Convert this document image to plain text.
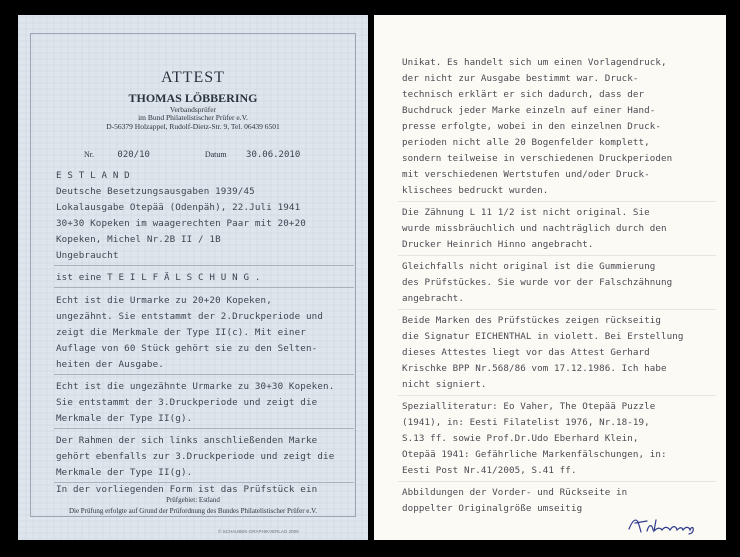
ATTEST
THOMAS LÖBBERING
Verbandsprüfer
im Bund Philatelistischer Prüfer e.V.
D-56379 Holzappel, Rudolf-Dietz-Str. 9, Tel. 06439 6501
Nr.	020/10	Datum 30.06.2010
E S T L A N D
Deutsche Besetzungsausgaben 1939/45
Lokalausgabe Otepää (Odenpäh), 22.Juli 1941
30+30 Kopeken im waagerechten Paar mit 20+20
Kopeken, Michel Nr.2B II / 1B
Ungebraucht
ist eine T E I L F Ä L S C H U N G .
Echt ist die Urmarke zu 20+20 Kopeken,
ungezähnt. Sie entstammt der 2.Druckperiode und
zeigt die Merkmale der Type II(c). Mit einer
Auflage von 60 Stück gehört sie zu den Selten-
heiten der Ausgabe.
Echt ist die ungezähnte Urmarke zu 30+30 Kopeken.
Sie entstammt der 3.Druckperiode und zeigt die
Merkmale der Type II(g).
Der Rahmen der sich links anschließenden Marke
gehört ebenfalls zur 3.Druckperiode und zeigt die
Merkmale der Type II(g).
In der vorliegenden Form ist das Prüfstück ein
Prüfgebiet: Estland
Die Prüfung erfolgte auf Grund der Prüfordnung des Bundes Philatelistischer Prüfer e.V.
© SCHAUBEK-GRAPHIKVERLAG 2009
Unikat. Es handelt sich um einen Vorlagendruck,
der nicht zur Ausgabe bestimmt war. Druck-
technisch erklärt er sich dadurch, dass der
Buchdruck jeder Marke einzeln auf einer Hand-
presse erfolgte, wobei in den einzelnen Druck-
perioden nicht alle 20 Bogenfelder komplett,
sondern teilweise in verschiedenen Druckperioden
mit verschiedenen Wertstufen und/oder Druck-
klischees bedruckt wurden.
Die Zähnung L 11 1/2 ist nicht original. Sie
wurde missbräuchlich und nachträglich durch den
Drucker Heinrich Hinno angebracht.
Gleichfalls nicht original ist die Gummierung
des Prüfstückes. Sie wurde vor der Falschzähnung
angebracht.
Beide Marken des Prüfstückes zeigen rückseitig
die Signatur EICHENTHAL in violett. Bei Erstellung
dieses Attestes liegt vor das Attest Gerhard
Krischke BPP Nr.568/86 vom 17.12.1986. Ich habe
nicht signiert.
Spezialliteratur: Eo Vaher, The Otepää Puzzle
(1941), in: Eesti Filatelist 1976, Nr.18-19,
S.13 ff. sowie Prof.Dr.Udo Eberhard Klein,
Otepää 1941: Gefährliche Markenfälschungen, in:
Eesti Post Nr.41/2005, S.41 ff.
Abbildungen der Vorder- und Rückseite in
doppelter Originalgröße umseitig
